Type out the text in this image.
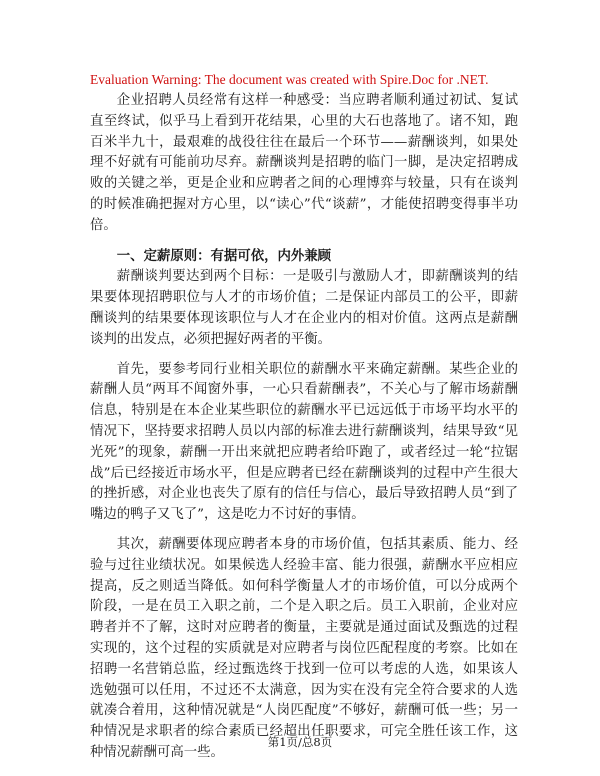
Evaluation Warning: The document was created with Spire.Doc for .NET.

企业招聘人员经常有这样一种感受：当应聘者顺利通过初试、复试直至终试，似乎马上看到开花结果，心里的大石也落地了。诸不知，跑百米半九十，最艰难的战役往往在最后一个环节——薪酬谈判，如果处理不好就有可能前功尽弃。薪酬谈判是招聘的临门一脚，是决定招聘成败的关键之举，更是企业和应聘者之间的心理博弈与较量，只有在谈判的时候准确把握对方心里，以“读心”代“谈薪”，才能使招聘变得事半功倍。

一、定薪原则：有据可依，内外兼顾

薪酬谈判要达到两个目标：一是吸引与激励人才，即薪酬谈判的结果要体现招聘职位与人才的市场价值；二是保证内部员工的公平，即薪酬谈判的结果要体现该职位与人才在企业内的相对价值。这两点是薪酬谈判的出发点，必须把握好两者的平衡。

首先，要参考同行业相关职位的薪酬水平来确定薪酬。某些企业的薪酬人员“两耳不闻窗外事，一心只看薪酬表”，不关心与了解市场薪酬信息，特别是在本企业某些职位的薪酬水平已远远低于市场平均水平的情况下，坚持要求招聘人员以内部的标准去进行薪酬谈判，结果导致“见光死”的现象，薪酬一开出来就把应聘者给吓跑了，或者经过一轮“拉锯战”后已经接近市场水平，但是应聘者已经在薪酬谈判的过程中产生很大的挫折感，对企业也丧失了原有的信任与信心，最后导致招聘人员“到了嘴边的鸭子又飞了”，这是吃力不讨好的事情。

其次，薪酬要体现应聘者本身的市场价值，包括其素质、能力、经验与过往业绩状况。如果候选人经验丰富、能力很强，薪酬水平应相应提高，反之则适当降低。如何科学衡量人才的市场价值，可以分成两个阶段，一是在员工入职之前，二个是入职之后。员工入职前，企业对应聘者并不了解，这时对应聘者的衡量，主要就是通过面试及甄选的过程实现的，这个过程的实质就是对应聘者与岗位匹配程度的考察。比如在招聘一名营销总监，经过甄选终于找到一位可以考虑的人选，如果该人选勉强可以任用，不过还不太满意，因为实在没有完全符合要求的人选就凑合着用，这种情况就是“人岗匹配度”不够好，薪酬可低一些；另一种情况是求职者的综合素质已经超出任职要求，可完全胜任该工作，这种情况薪酬可高一些。

第1页/总8页
